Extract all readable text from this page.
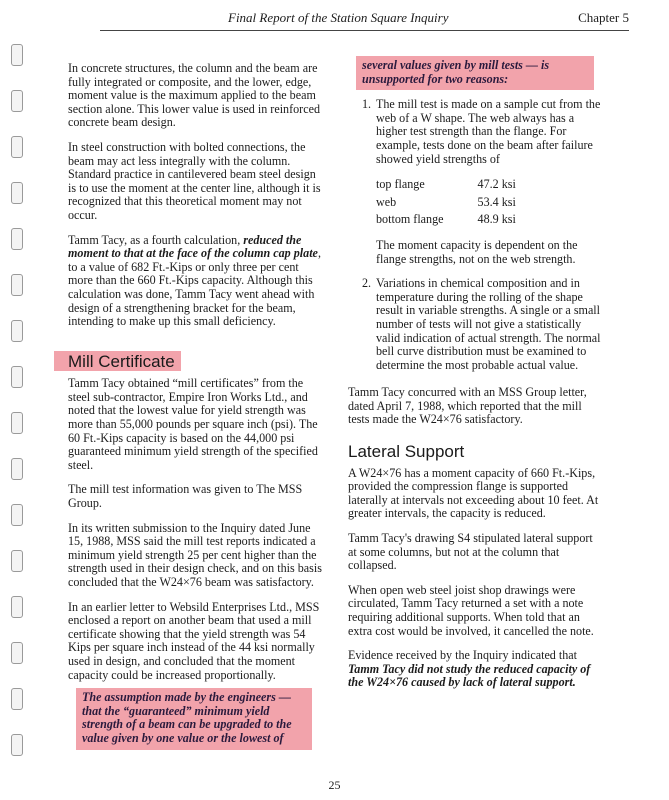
Final Report of the Station Square Inquiry	Chapter 5

In concrete structures, the column and the beam are fully integrated or composite, and the lower, edge, moment value is the maximum applied to the beam section alone. This lower value is used in reinforced concrete beam design.

In steel construction with bolted connections, the beam may act less integrally with the column. Standard practice in cantilevered beam steel design is to use the moment at the center line, although it is recognized that this theoretical moment may not occur.

Tamm Tacy, as a fourth calculation, reduced the moment to that at the face of the column cap plate, to a value of 682 Ft.-Kips or only three per cent more than the 660 Ft.-Kips capacity. Although this calculation was done, Tamm Tacy went ahead with design of a strengthening bracket for the beam, intending to make up this small deficiency.

Mill Certificate

Tamm Tacy obtained “mill certificates” from the steel sub-contractor, Empire Iron Works Ltd., and noted that the lowest value for yield strength was more than 55,000 pounds per square inch (psi). The 60 Ft.-Kips capacity is based on the 44,000 psi guaranteed minimum yield strength of the specified steel.

The mill test information was given to The MSS Group.

In its written submission to the Inquiry dated June 15, 1988, MSS said the mill test reports indicated a minimum yield strength 25 per cent higher than the strength used in their design check, and on this basis concluded that the W24×76 beam was satisfactory.

In an earlier letter to Websild Enterprises Ltd., MSS enclosed a report on another beam that used a mill certificate showing that the yield strength was 54 Kips per square inch instead of the 44 ksi normally used in design, and concluded that the moment capacity could be increased proportionally.

The assumption made by the engineers — that the “guaranteed” minimum yield strength of a beam can be upgraded to the value given by one value or the lowest of

several values given by mill tests — is unsupported for two reasons:

1. The mill test is made on a sample cut from the web of a W shape. The web always has a higher test strength than the flange. For example, tests done on the beam after failure showed yield strengths of
top flange	47.2 ksi
web	53.4 ksi
bottom flange	48.9 ksi

The moment capacity is dependent on the flange strengths, not on the web strength.

2. Variations in chemical composition and in temperature during the rolling of the shape result in variable strengths. A single or a small number of tests will not give a statistically valid indication of actual strength. The normal bell curve distribution must be examined to determine the most probable actual value.

Tamm Tacy concurred with an MSS Group letter, dated April 7, 1988, which reported that the mill tests made the W24×76 satisfactory.

Lateral Support

A W24×76 has a moment capacity of 660 Ft.-Kips, provided the compression flange is supported laterally at intervals not exceeding about 10 feet. At greater intervals, the capacity is reduced.

Tamm Tacy's drawing S4 stipulated lateral support at some columns, but not at the column that collapsed.

When open web steel joist shop drawings were circulated, Tamm Tacy returned a set with a note requiring additional supports. When told that an extra cost would be involved, it cancelled the note.

Evidence received by the Inquiry indicated that Tamm Tacy did not study the reduced capacity of the W24×76 caused by lack of lateral support.

25
